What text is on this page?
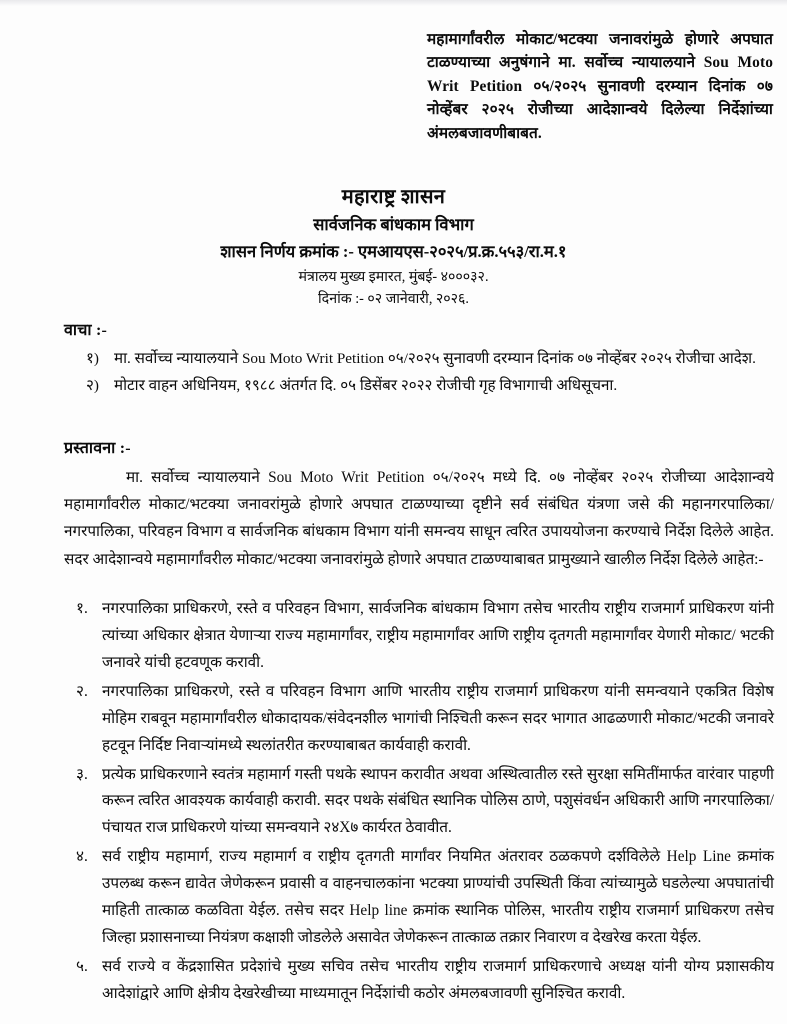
महामार्गांवरील मोकाट/भटक्या जनावरांमुळे होणारे अपघात टाळण्याच्या अनुषंगाने मा. सर्वोच्च न्यायालयाने Sou Moto Writ Petition ०५/२०२५ सुनावणी दरम्यान दिनांक ०७ नोव्हेंबर २०२५ रोजीच्या आदेशान्वये दिलेल्या निर्देशांच्या अंमलबजावणीबाबत.
महाराष्ट्र शासन
सार्वजनिक बांधकाम विभाग
शासन निर्णय क्रमांक :- एमआयएस-२०२५/प्र.क्र.५५३/रा.म.१
मंत्रालय मुख्य इमारत, मुंबई- ४०००३२.
दिनांक :- ०२ जानेवारी, २०२६.
वाचा :-
१) मा. सर्वोच्च न्यायालयाने Sou Moto Writ Petition ०५/२०२५ सुनावणी दरम्यान दिनांक ०७ नोव्हेंबर २०२५ रोजीचा आदेश.
२) मोटार वाहन अधिनियम, १९८८ अंतर्गत दि. ०५ डिसेंबर २०२२ रोजीची गृह विभागाची अधिसूचना.
प्रस्तावना :-
मा. सर्वोच्च न्यायालयाने Sou Moto Writ Petition ०५/२०२५ मध्ये दि. ०७ नोव्हेंबर २०२५ रोजीच्या आदेशान्वये महामार्गांवरील मोकाट/भटक्या जनावरांमुळे होणारे अपघात टाळण्याच्या दृष्टीने सर्व संबंधित यंत्रणा जसे की महानगरपालिका/ नगरपालिका, परिवहन विभाग व सार्वजनिक बांधकाम विभाग यांनी समन्वय साधून त्वरित उपाययोजना करण्याचे निर्देश दिलेले आहेत. सदर आदेशान्वये महामार्गांवरील मोकाट/भटक्या जनावरांमुळे होणारे अपघात टाळण्याबाबत प्रामुख्याने खालील निर्देश दिलेले आहेत:-
१. नगरपालिका प्राधिकरणे, रस्ते व परिवहन विभाग, सार्वजनिक बांधकाम विभाग तसेच भारतीय राष्ट्रीय राजमार्ग प्राधिकरण यांनी त्यांच्या अधिकार क्षेत्रात येणाऱ्या राज्य महामार्गांवर, राष्ट्रीय महामार्गांवर आणि राष्ट्रीय दृतगती महामार्गांवर येणारी मोकाट/ भटकी जनावरे यांची हटवणूक करावी.
२. नगरपालिका प्राधिकरणे, रस्ते व परिवहन विभाग आणि भारतीय राष्ट्रीय राजमार्ग प्राधिकरण यांनी समन्वयाने एकत्रित विशेष मोहिम राबवून महामार्गांवरील धोकादायक/संवेदनशील भागांची निश्चिती करून सदर भागात आढळणारी मोकाट/भटकी जनावरे हटवून निर्दिष्ट निवाऱ्यांमध्ये स्थलांतरीत करण्याबाबत कार्यवाही करावी.
३. प्रत्येक प्राधिकरणाने स्वतंत्र महामार्ग गस्ती पथके स्थापन करावीत अथवा अस्थित्वातील रस्ते सुरक्षा समितींमार्फत वारंवार पाहणी करून त्वरित आवश्यक कार्यवाही करावी. सदर पथके संबंधित स्थानिक पोलिस ठाणे, पशुसंवर्धन अधिकारी आणि नगरपालिका/ पंचायत राज प्राधिकरणे यांच्या समन्वयाने २४X७ कार्यरत ठेवावीत.
४. सर्व राष्ट्रीय महामार्ग, राज्य महामार्ग व राष्ट्रीय दृतगती मार्गांवर नियमित अंतरावर ठळकपणे दर्शविलेले Help Line क्रमांक उपलब्ध करून द्यावेत जेणेकरून प्रवासी व वाहनचालकांना भटक्या प्राण्यांची उपस्थिती किंवा त्यांच्यामुळे घडलेल्या अपघातांची माहिती तात्काळ कळविता येईल. तसेच सदर Help line क्रमांक स्थानिक पोलिस, भारतीय राष्ट्रीय राजमार्ग प्राधिकरण तसेच जिल्हा प्रशासनाच्या नियंत्रण कक्षाशी जोडलेले असावेत जेणेकरून तात्काळ तक्रार निवारण व देखरेख करता येईल.
५. सर्व राज्ये व केंद्रशासित प्रदेशांचे मुख्य सचिव तसेच भारतीय राष्ट्रीय राजमार्ग प्राधिकरणाचे अध्यक्ष यांनी योग्य प्रशासकीय आदेशांद्वारे आणि क्षेत्रीय देखरेखीच्या माध्यमातून निर्देशांची कठोर अंमलबजावणी सुनिश्चित करावी.
